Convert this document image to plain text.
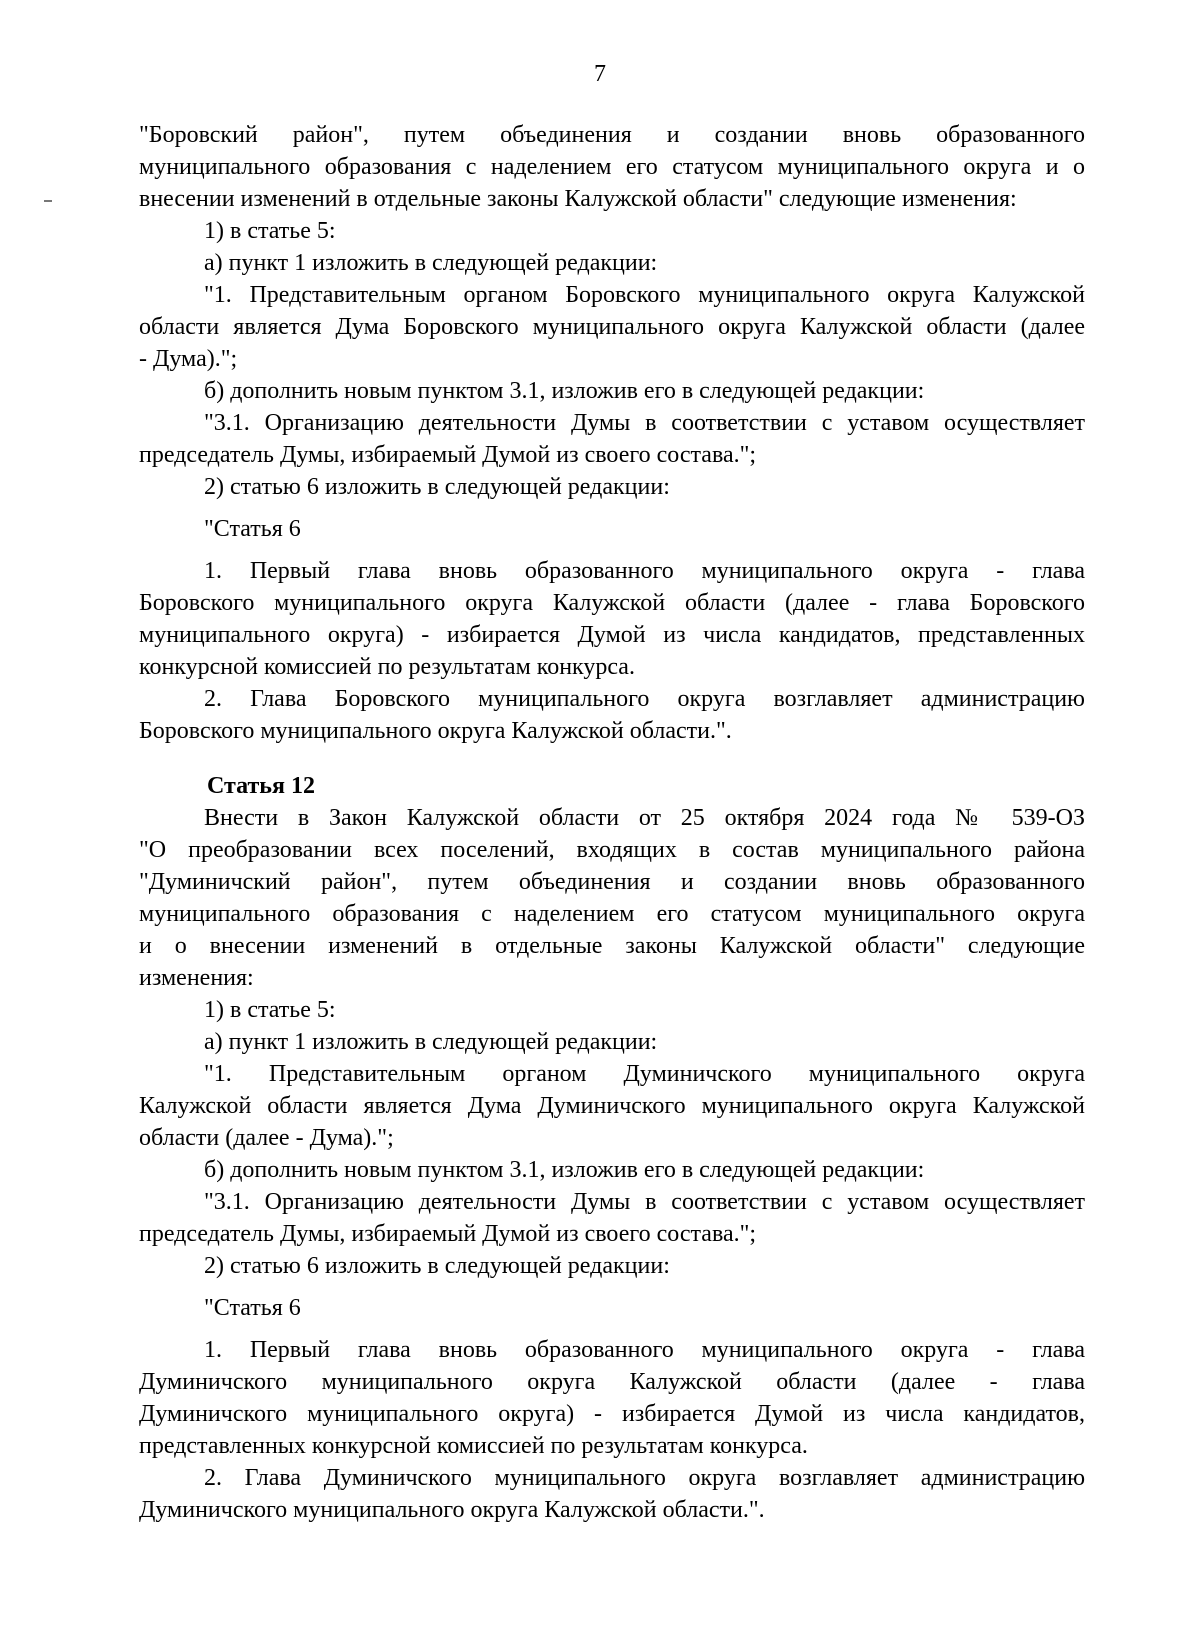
7

"Боровский район", путем объединения и создании вновь образованного

муниципального образования с наделением его статусом муниципального округа и о

внесении изменений в отдельные законы Калужской области" следующие изменения:

1) в статье 5:

а) пункт 1 изложить в следующей редакции:

"1. Представительным органом Боровского муниципального округа Калужской

области является Дума Боровского муниципального округа Калужской области (далее

- Дума).";

б) дополнить новым пунктом 3.1, изложив его в следующей редакции:

"3.1. Организацию деятельности Думы в соответствии с уставом осуществляет

председатель Думы, избираемый Думой из своего состава.";

2) статью 6 изложить в следующей редакции:

"Статья 6

1. Первый глава вновь образованного муниципального округа - глава

Боровского муниципального округа Калужской области (далее - глава Боровского

муниципального округа) - избирается Думой из числа кандидатов, представленных

конкурсной комиссией по результатам конкурса.

2. Глава Боровского муниципального округа возглавляет администрацию

Боровского муниципального округа Калужской области.".

Статья 12

Внести в Закон Калужской области от 25 октября 2024 года № 539-ОЗ

"О преобразовании всех поселений, входящих в состав муниципального района

"Думиничский район", путем объединения и создании вновь образованного

муниципального образования с наделением его статусом муниципального округа

и о внесении изменений в отдельные законы Калужской области" следующие

изменения:

1) в статье 5:

а) пункт 1 изложить в следующей редакции:

"1. Представительным органом Думиничского муниципального округа

Калужской области является Дума Думиничского муниципального округа Калужской

области (далее - Дума).";

б) дополнить новым пунктом 3.1, изложив его в следующей редакции:

"3.1. Организацию деятельности Думы в соответствии с уставом осуществляет

председатель Думы, избираемый Думой из своего состава.";

2) статью 6 изложить в следующей редакции:

"Статья 6

1. Первый глава вновь образованного муниципального округа - глава

Думиничского муниципального округа Калужской области (далее - глава

Думиничского муниципального округа) - избирается Думой из числа кандидатов,

представленных конкурсной комиссией по результатам конкурса.

2. Глава Думиничского муниципального округа возглавляет администрацию

Думиничского муниципального округа Калужской области.".
